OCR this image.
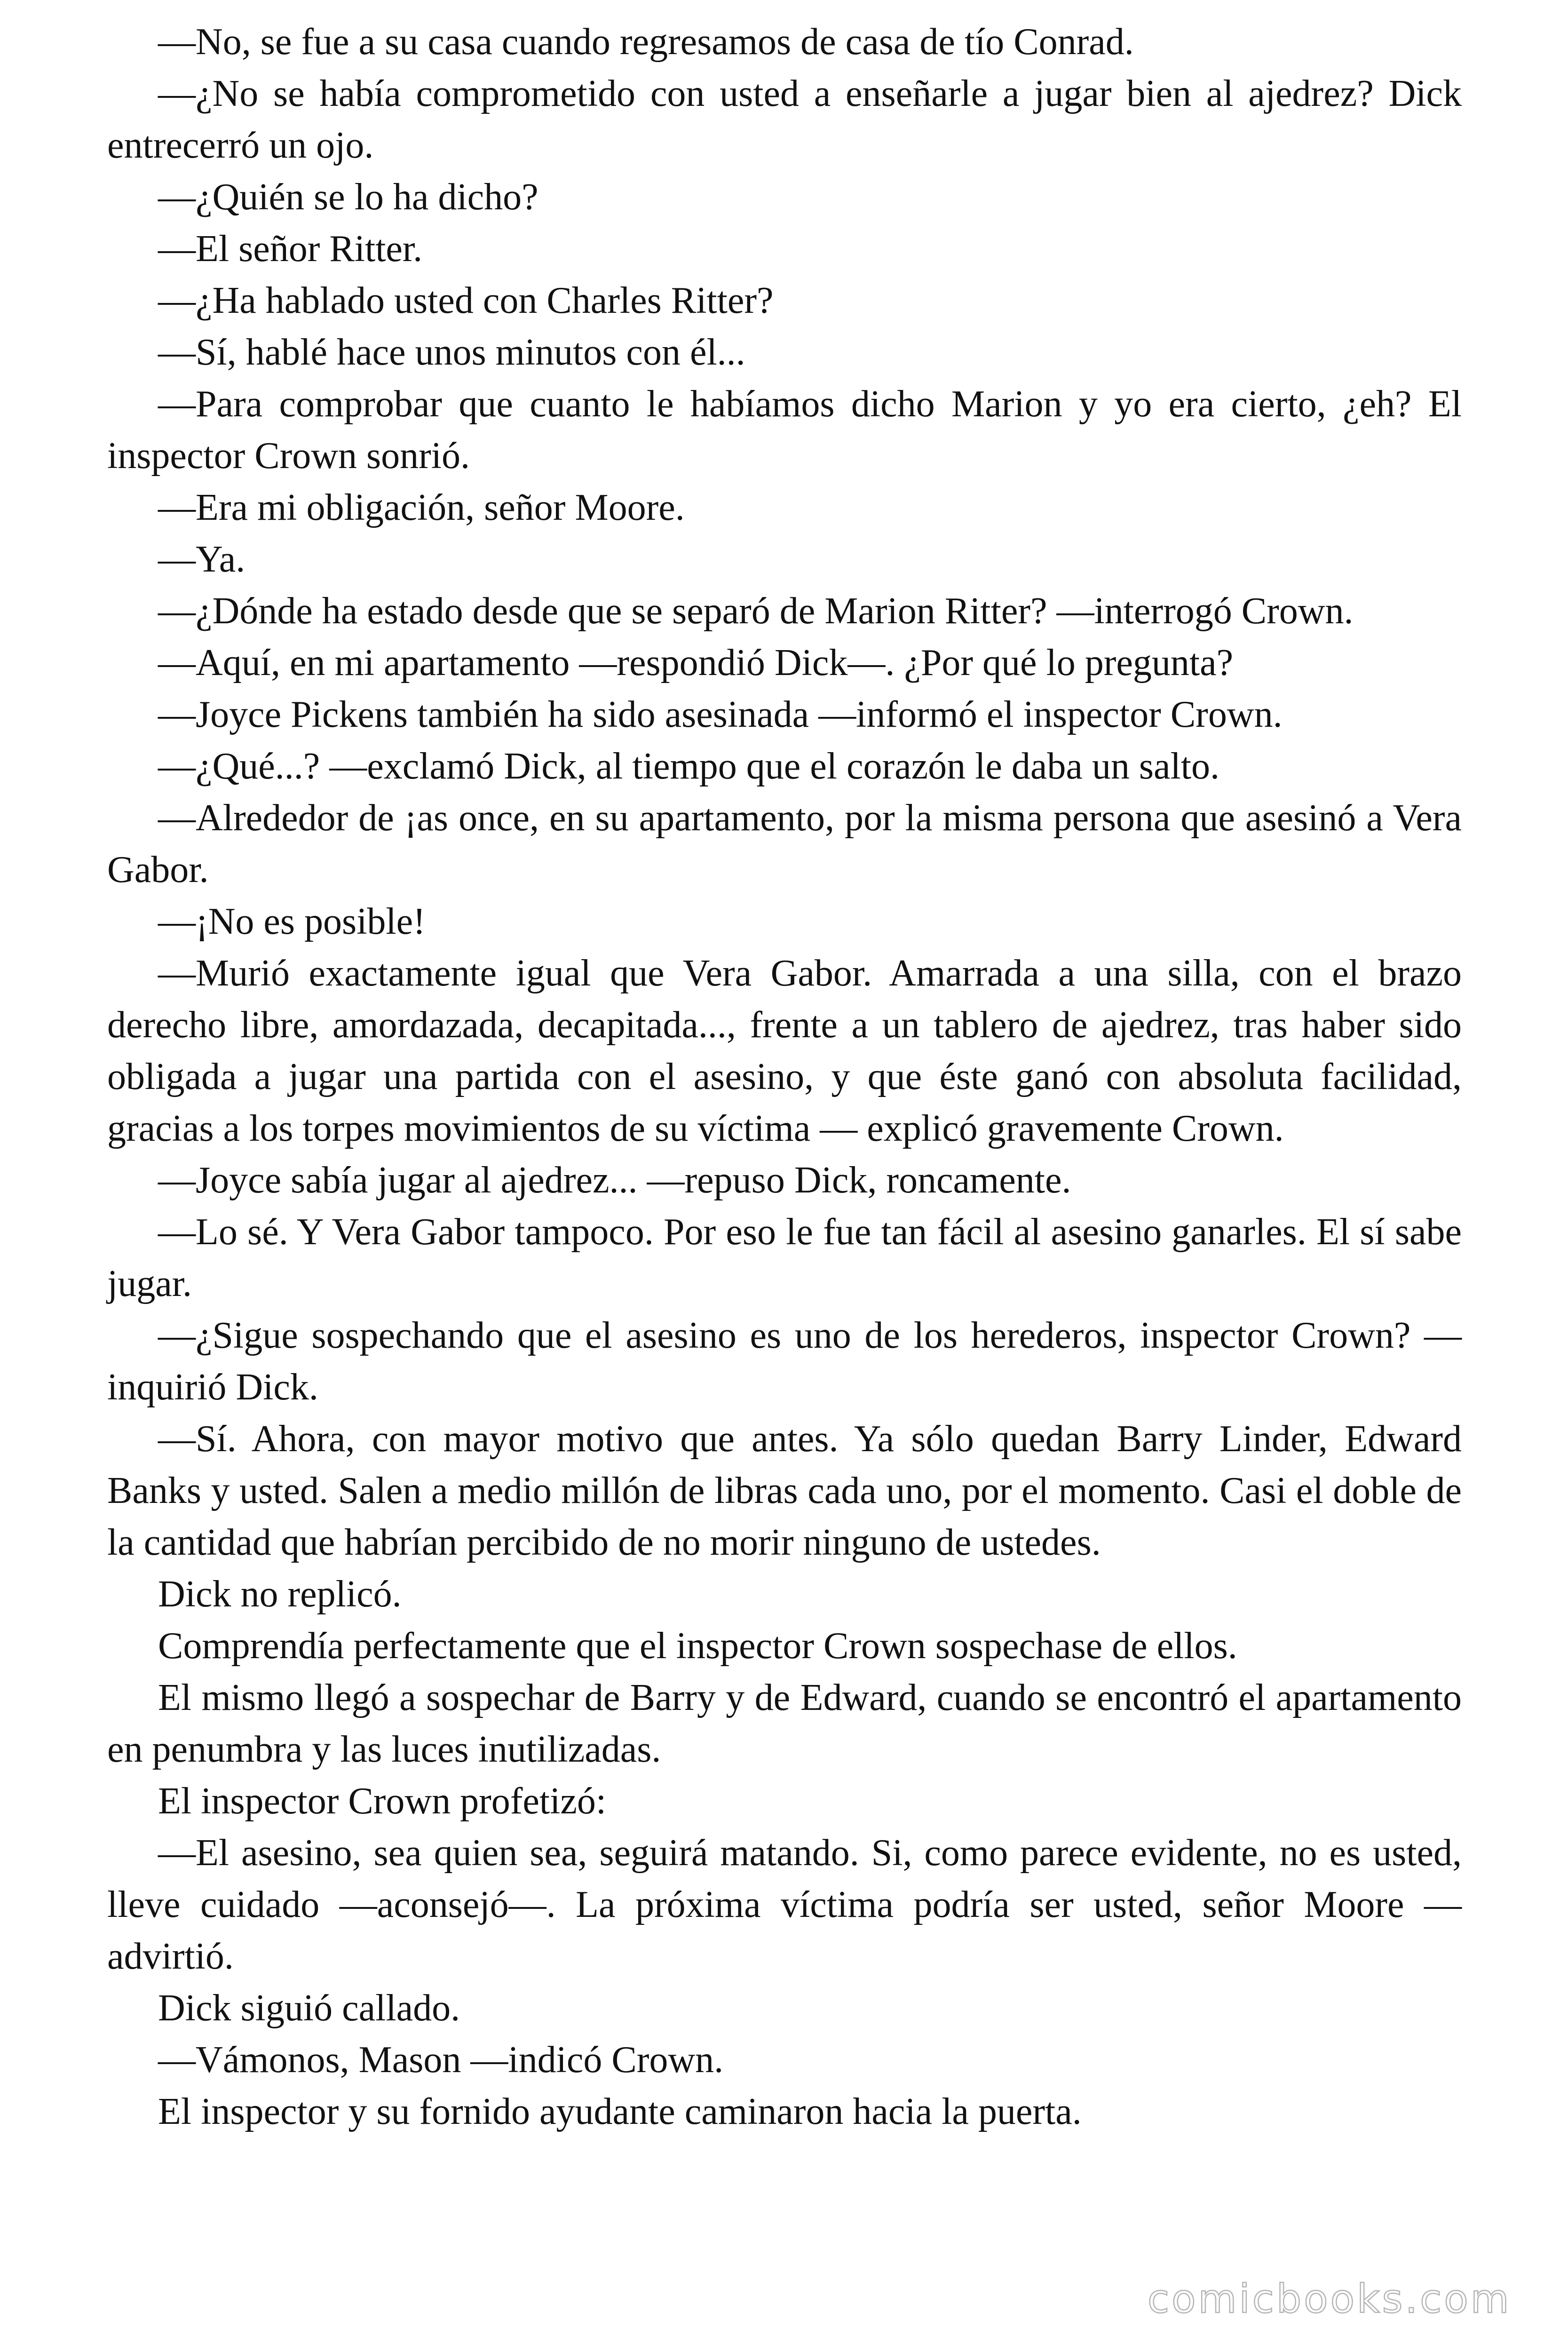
—No, se fue a su casa cuando regresamos de casa de tío Conrad.

—¿No se había comprometido con usted a enseñarle a jugar bien al ajedrez? Dick entrecerró un ojo.

—¿Quién se lo ha dicho?

—El señor Ritter.

—¿Ha hablado usted con Charles Ritter?

—Sí, hablé hace unos minutos con él...

—Para comprobar que cuanto le habíamos dicho Marion y yo era cierto, ¿eh? El inspector Crown sonrió.

—Era mi obligación, señor Moore.

—Ya.

—¿Dónde ha estado desde que se separó de Marion Ritter? —interrogó Crown.

—Aquí, en mi apartamento —respondió Dick—. ¿Por qué lo pregunta?

—Joyce Pickens también ha sido asesinada —informó el inspector Crown.

—¿Qué...? —exclamó Dick, al tiempo que el corazón le daba un salto.

—Alrededor de ¡as once, en su apartamento, por la misma persona que asesinó a Vera Gabor.

—¡No es posible!

—Murió exactamente igual que Vera Gabor. Amarrada a una silla, con el brazo derecho libre, amordazada, decapitada..., frente a un tablero de ajedrez, tras haber sido obligada a jugar una partida con el asesino, y que éste ganó con absoluta facilidad, gracias a los torpes movimientos de su víctima — explicó gravemente Crown.

—Joyce sabía jugar al ajedrez... —repuso Dick, roncamente.

—Lo sé. Y Vera Gabor tampoco. Por eso le fue tan fácil al asesino ganarles. El sí sabe jugar.

—¿Sigue sospechando que el asesino es uno de los herederos, inspector Crown? — inquirió Dick.

—Sí. Ahora, con mayor motivo que antes. Ya sólo quedan Barry Linder, Edward Banks y usted. Salen a medio millón de libras cada uno, por el momento. Casi el doble de la cantidad que habrían percibido de no morir ninguno de ustedes.

Dick no replicó.

Comprendía perfectamente que el inspector Crown sospechase de ellos.

El mismo llegó a sospechar de Barry y de Edward, cuando se encontró el apartamento en penumbra y las luces inutilizadas.

El inspector Crown profetizó:

—El asesino, sea quien sea, seguirá matando. Si, como parece evidente, no es usted, lleve cuidado —aconsejó—. La próxima víctima podría ser usted, señor Moore — advirtió.

Dick siguió callado.

—Vámonos, Mason —indicó Crown.

El inspector y su fornido ayudante caminaron hacia la puerta.

comicbooks.com
